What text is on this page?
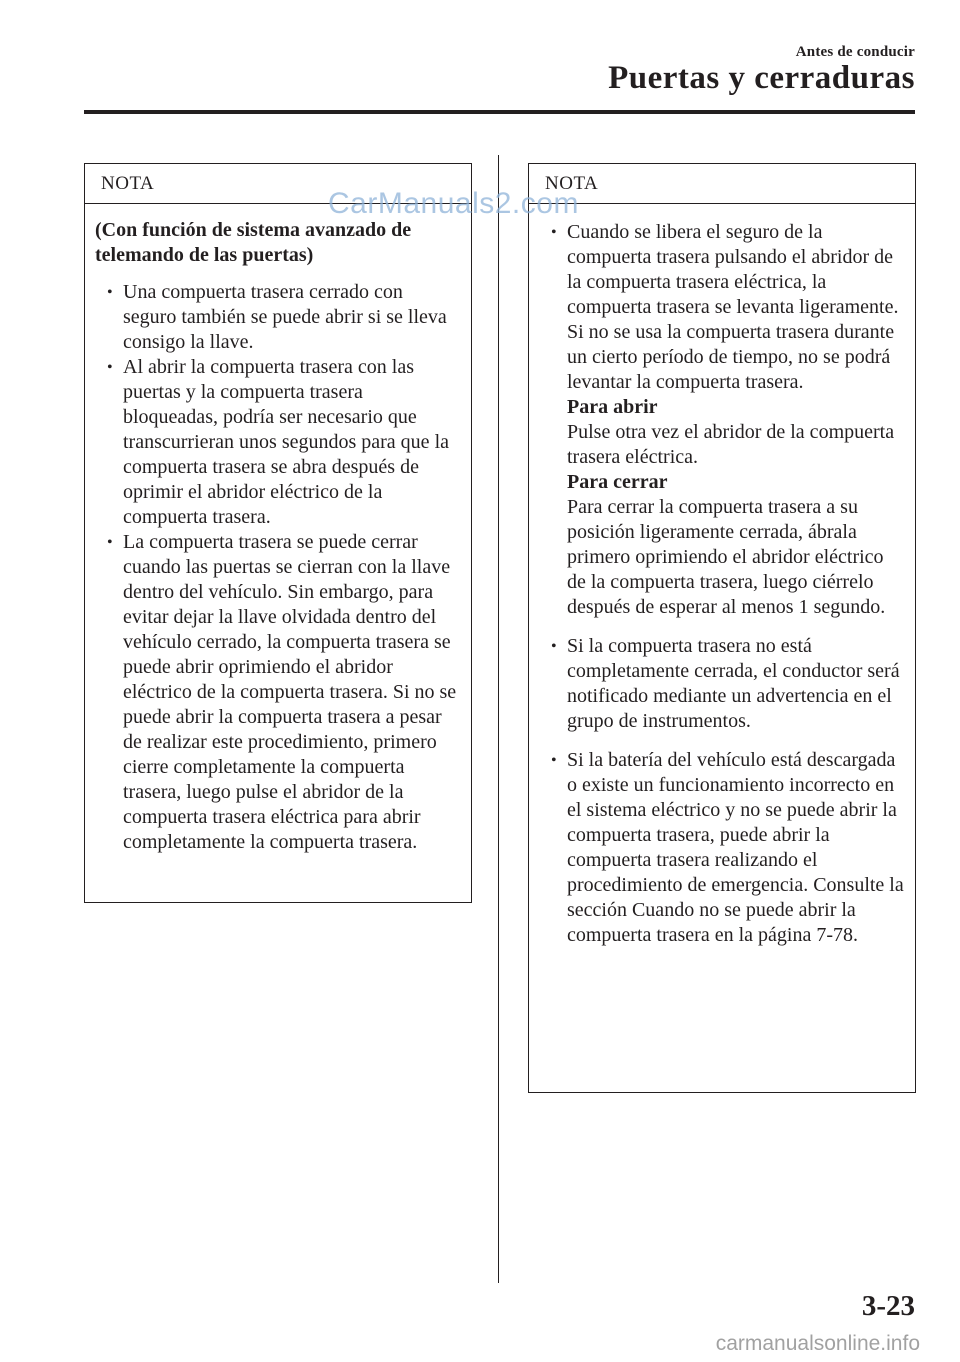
Antes de conducir
Puertas y cerraduras
NOTA
(Con función de sistema avanzado de telemando de las puertas)
• Una compuerta trasera cerrado con seguro también se puede abrir si se lleva consigo la llave.
• Al abrir la compuerta trasera con las puertas y la compuerta trasera bloqueadas, podría ser necesario que transcurrieran unos segundos para que la compuerta trasera se abra después de oprimir el abridor eléctrico de la compuerta trasera.
• La compuerta trasera se puede cerrar cuando las puertas se cierran con la llave dentro del vehículo. Sin embargo, para evitar dejar la llave olvidada dentro del vehículo cerrado, la compuerta trasera se puede abrir oprimiendo el abridor eléctrico de la compuerta trasera. Si no se puede abrir la compuerta trasera a pesar de realizar este procedimiento, primero cierre completamente la compuerta trasera, luego pulse el abridor de la compuerta trasera eléctrica para abrir completamente la compuerta trasera.
NOTA
• Cuando se libera el seguro de la compuerta trasera pulsando el abridor de la compuerta trasera eléctrica, la compuerta trasera se levanta ligeramente. Si no se usa la compuerta trasera durante un cierto período de tiempo, no se podrá levantar la compuerta trasera.
Para abrir
Pulse otra vez el abridor de la compuerta trasera eléctrica.
Para cerrar
Para cerrar la compuerta trasera a su posición ligeramente cerrada, ábrala primero oprimiendo el abridor eléctrico de la compuerta trasera, luego ciérrelo después de esperar al menos 1 segundo.
• Si la compuerta trasera no está completamente cerrada, el conductor será notificado mediante un advertencia en el grupo de instrumentos.
• Si la batería del vehículo está descargada o existe un funcionamiento incorrecto en el sistema eléctrico y no se puede abrir la compuerta trasera, puede abrir la compuerta trasera realizando el procedimiento de emergencia. Consulte la sección Cuando no se puede abrir la compuerta trasera en la página 7-78.
CarManuals2.com
3-23
carmanualsonline.info
